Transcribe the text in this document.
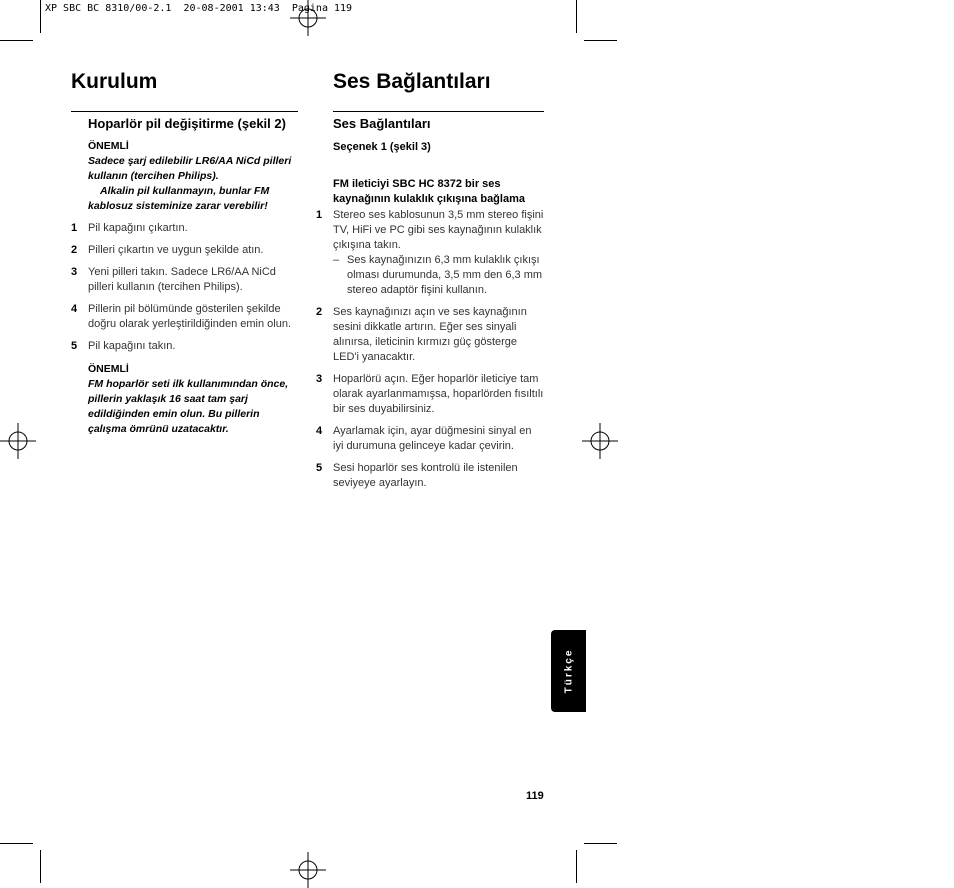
XP SBC BC 8310/00-2.1  20-08-2001 13:43  Pagina 119
Kurulum	Ses Bağlantıları
Hoparlör pil değişitirme (şekil 2)
ÖNEMLİ
Sadece şarj edilebilir LR6/AA NiCd pilleri kullanın (tercihen Philips).
Alkalin pil kullanmayın, bunlar FM kablosuz sisteminize zarar verebilir!
1 Pil kapağını çıkartın.
2 Pilleri çıkartın ve uygun şekilde atın.
3 Yeni pilleri takın. Sadece LR6/AA NiCd pilleri kullanın (tercihen Philips).
4 Pillerin pil bölümünde gösterilen şekilde doğru olarak yerleştirildiğinden emin olun.
5 Pil kapağını takın.
ÖNEMLİ
FM hoparlör seti ilk kullanımından önce, pillerin yaklaşık 16 saat tam şarj edildiğinden emin olun. Bu pillerin çalışma ömrünü uzatacaktır.
Ses Bağlantıları
Seçenek 1 (şekil 3)
FM ileticiyi SBC HC 8372 bir ses kaynağının kulaklık çıkışına bağlama
1 Stereo ses kablosunun 3,5 mm stereo fişini TV, HiFi ve PC gibi ses kaynağının kulaklık çıkışına takın.
– Ses kaynağınızın 6,3 mm kulaklık çıkışı olması durumunda, 3,5 mm den 6,3 mm stereo adaptör fişini kullanın.
2 Ses kaynağınızı açın ve ses kaynağının sesini dikkatle artırın. Eğer ses sinyali alınırsa, ileticinin kırmızı güç gösterge LED'i yanacaktır.
3 Hoparlörü açın. Eğer hoparlör ileticiye tam olarak ayarlanmamışsa, hoparlörden fısıltılı bir ses duyabilirsiniz.
4 Ayarlamak için, ayar düğmesini sinyal en iyi durumuna gelinceye kadar çevirin.
5 Sesi hoparlör ses kontrolü ile istenilen seviyeye ayarlayın.
Türkçe
119
